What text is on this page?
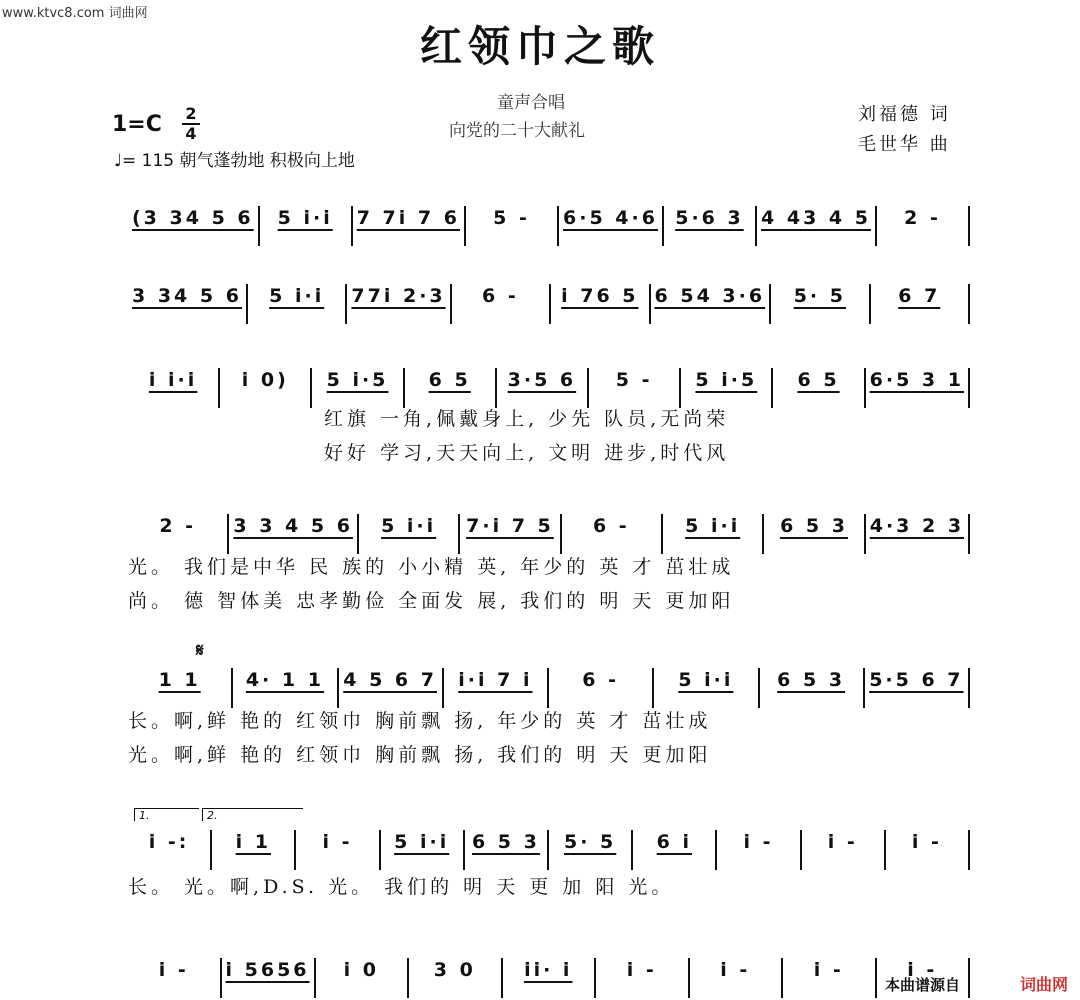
www.ktvc8.com 词曲网
红领巾之歌
童声合唱
向党的二十大献礼
1=C 2
4
♩= 115 朝气蓬勃地 积极向上地
刘福德 词
毛世华 曲
(3 34 5 6 5 i·i 7 7i 7 6 5 - 6·5 4·6 5·6 3 4 43 4 5 2 -
3 34 5 6 5 i·i 77i 2·3 6 - i 76 5 6 54 3·6 5· 5	6 7
i i·i i 0) 5 i·5 6 5 3·5 6 5 - 5 i·5 6 5 6·5 3 1
2 - 3 3 4 5 6 5 i·i 7·i 7 5 6 -	5 i·i 6 5 3 4·3 2 3
1 1 4· 1 1 4 5 6 7 i·i 7 i	6 -	5 i·i 6 5 3 5·5 6 7
i -: i 1	i - 5 i·i 6 5 3 5· 5 6 i	i -	i -	i -
i - i 5656 i 0	3 0	ii· i	i -	i -	i -	i -
红旗 一角,佩戴身上, 少先 队员,无尚荣
好好 学习,天天向上, 文明 进步,时代风
光。 我们是中华 民 族的 小小精 英, 年少的 英 才 茁壮成
尚。 德 智体美 忠孝勤俭 全面发 展, 我们的 明 天 更加阳
长。啊,鲜 艳的 红领巾 胸前飘 扬, 年少的 英 才 茁壮成
光。啊,鲜 艳的 红领巾 胸前飘 扬, 我们的 明 天 更加阳
长。 光。啊,D.S. 光。 我们的 明 天 更 加 阳 光。
𝄋
1.	2.
本曲谱源自	词曲网
